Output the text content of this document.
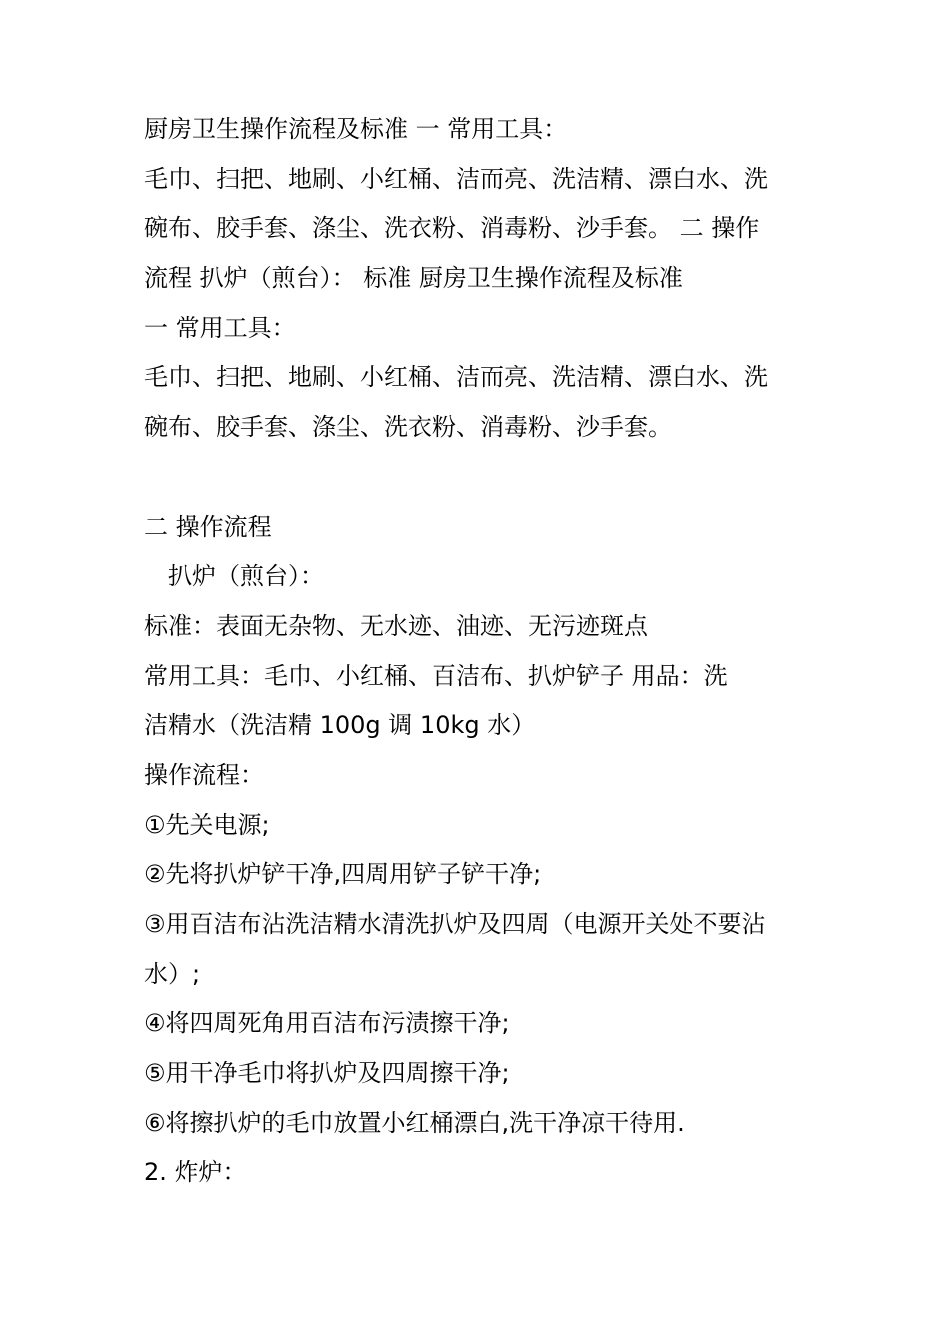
厨房卫生操作流程及标准 一 常用工具：
毛巾、扫把、地刷、小红桶、洁而亮、洗洁精、漂白水、洗
碗布、胶手套、涤尘、洗衣粉、消毒粉、沙手套。 二 操作
流程 扒炉（煎台）： 标准 厨房卫生操作流程及标准
一 常用工具：
毛巾、扫把、地刷、小红桶、洁而亮、洗洁精、漂白水、洗
碗布、胶手套、涤尘、洗衣粉、消毒粉、沙手套。
二 操作流程
扒炉（煎台）：
标准：表面无杂物、无水迹、油迹、无污迹斑点
常用工具：毛巾、小红桶、百洁布、扒炉铲子 用品：洗
洁精水（洗洁精 100g 调 10kg 水）
操作流程：
①先关电源;
②先将扒炉铲干净,四周用铲子铲干净;
③用百洁布沾洗洁精水清洗扒炉及四周（电源开关处不要沾
水）;
④将四周死角用百洁布污渍擦干净;
⑤用干净毛巾将扒炉及四周擦干净;
⑥将擦扒炉的毛巾放置小红桶漂白,洗干净凉干待用.
2. 炸炉：
